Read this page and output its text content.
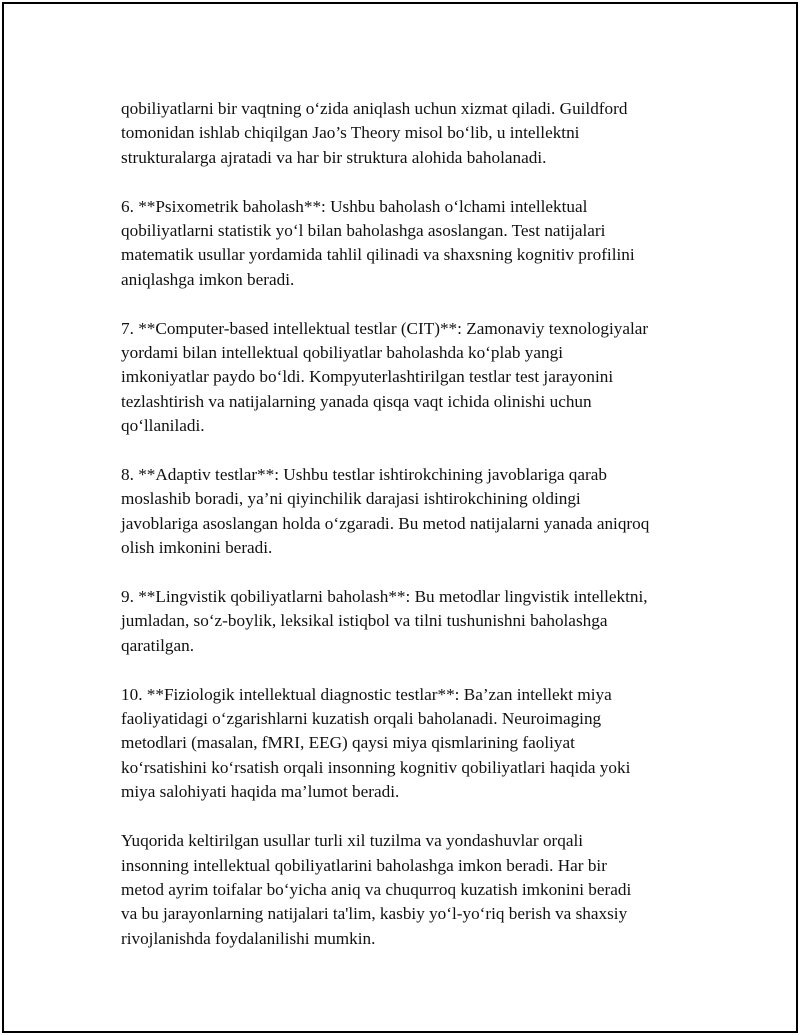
qobiliyatlarni bir vaqtning o‘zida aniqlash uchun xizmat qiladi. Guildford
tomonidan ishlab chiqilgan Jao’s Theory misol bo‘lib, u intellektni
strukturalarga ajratadi va har bir struktura alohida baholanadi.

6. **Psixometrik baholash**: Ushbu baholash o‘lchami intellektual
qobiliyatlarni statistik yo‘l bilan baholashga asoslangan. Test natijalari
matematik usullar yordamida tahlil qilinadi va shaxsning kognitiv profilini
aniqlashga imkon beradi.

7. **Computer-based intellektual testlar (CIT)**: Zamonaviy texnologiyalar
yordami bilan intellektual qobiliyatlar baholashda ko‘plab yangi
imkoniyatlar paydo bo‘ldi. Kompyuterlashtirilgan testlar test jarayonini
tezlashtirish va natijalarning yanada qisqa vaqt ichida olinishi uchun
qo‘llaniladi.

8. **Adaptiv testlar**: Ushbu testlar ishtirokchining javoblariga qarab
moslashib boradi, ya’ni qiyinchilik darajasi ishtirokchining oldingi
javoblariga asoslangan holda o‘zgaradi. Bu metod natijalarni yanada aniqroq
olish imkonini beradi.

9. **Lingvistik qobiliyatlarni baholash**: Bu metodlar lingvistik intellektni,
jumladan, so‘z-boylik, leksikal istiqbol va tilni tushunishni baholashga
qaratilgan.

10. **Fiziologik intellektual diagnostic testlar**: Ba’zan intellekt miya
faoliyatidagi o‘zgarishlarni kuzatish orqali baholanadi. Neuroimaging
metodlari (masalan, fMRI, EEG) qaysi miya qismlarining faoliyat
ko‘rsatishini ko‘rsatish orqali insonning kognitiv qobiliyatlari haqida yoki
miya salohiyati haqida ma’lumot beradi.

Yuqorida keltirilgan usullar turli xil tuzilma va yondashuvlar orqali
insonning intellektual qobiliyatlarini baholashga imkon beradi. Har bir
metod ayrim toifalar bo‘yicha aniq va chuqurroq kuzatish imkonini beradi
va bu jarayonlarning natijalari ta'lim, kasbiy yo‘l-yo‘riq berish va shaxsiy
rivojlanishda foydalanilishi mumkin.
